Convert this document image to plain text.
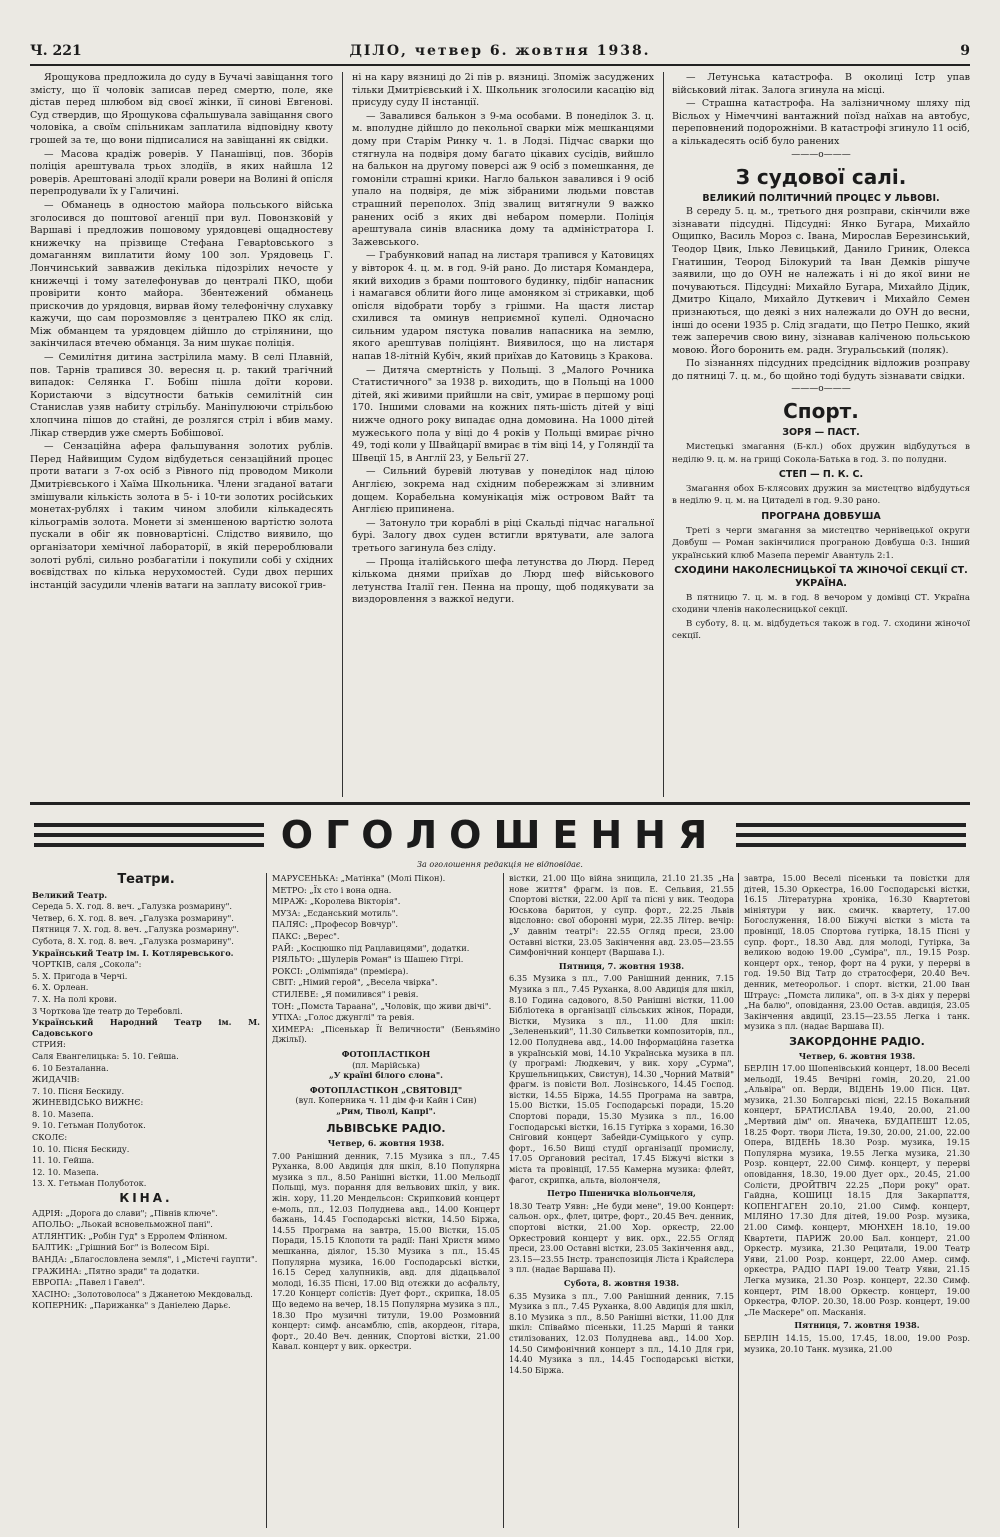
Ч. 221	ДІЛО, четвер 6. жовтня 1938.	9

Ярощукова предложила до суду в Бучачі завіщання того змісту, що її чоловік записав перед смертю, поле, яке дістав перед шлюбом від своєї жінки, її синові Евгенові. Суд ствердив, що Ярощукова сфальшувала завіщання свого чоловіка, а своїм спільникам заплатила відповідну квоту грошей за те, що вони підписалися на завіщанні як свідки.

— Масова крадіж роверів. У Панашівці, пов. Зборів поліція арештувала трьох злодіїв, в яких найшла 12 роверів. Арештовані злодії крали ровери на Волині й опісля перепродували їх у Галичині.

— Обманець в одностою майора польського війська зголосився до поштової агенції при вул. Повонзковій у Варшаві і предложив пошовому урядовцеві ощадностеву книжечку на прізвище Стефана Геварtовського з домаганням виплатити йому 100 зол. Урядовець Г. Лончинський завважив декілька підозрілих нечосте у книжечці і тому зателефонував до централі ПКО, щоби провірити конто майора. Збентежений обманець прискочив до урядовця, вирвав йому телефонічну слухавку кажучи, що сам порозмовляє з централею ПКО як слід. Між обманцем та урядовцем дійшло до стрілянини, що закінчилася втечею обманця. За ним шукає поліція.

— Семилітня дитина застрілила маму. В селі Плавній, пов. Тарнів трапився 30. вересня ц. р. такий трагічний випадок: Селянка Г. Бобіш пішла доїти корови. Користаючи з відсутности батьків семилітній син Станислав узяв набиту стрільбу. Маніпулюючи стрільбою хлопчина пішов до стайні, де розлягся стріл і вбив маму. Лікар ствердив уже смерть Бобішової.

— Сензаційна афера фальшування золотих рублів. Перед Найвищим Судом відбудеться сензаційний процес проти ватаги з 7-ох осіб з Рівного під проводом Миколи Дмитрієвського і Хаїма Школьника. Члени згаданої ватаги змішували кількість золота в 5- і 10-ти золотих російських монетах-рублях і таким чином злобили кількадесять кільограмів золота. Монети зі зменшеною вартістю золота пускали в обіг як повновартісні. Слідство виявило, що організатори хемічної лабораторії, в якій перероблювали золоті рублі, сильно розбагатіли і покупили собі у східних воєвідствах по кілька нерухомостей. Суди двох перших інстанцій засудили членів ватаги на заплату високої грив-

ні на кару вязниці до 2і пів р. вязниці. Зпоміж засуджених тільки Дмитрієвський і Х. Школьник зголосили касацію від присуду суду II інстанції.

— Завалився балькон з 9-ма особами. В понеділок 3. ц. м. вполудне дійшло до пекольної сварки між мешканцями дому при Старім Ринку ч. 1. в Лодзі. Підчас сварки що стягнула на подвіря дому багато цікавих сусідів, вийшло на балькон на другому поверсі аж 9 осіб з помешкання, де гомоніли страшні крики. Нагло балькон завалився і 9 осіб упало на подвіря, де між зібраними людьми повстав страшний переполох. Зпід звалищ витягнули 9 важко ранених осіб з яких дві небаром померли. Поліція арештувала синів власника дому та адміністратора І. Зажевського.

— Грабунковий напад на листаря трапився у Катовицях у вівторок 4. ц. м. в год. 9-ій рано. До листаря Командера, який виходив з брами поштового будинку, підбіг напасник і намагався облити його лице амоняком зі стрикавки, щоб опісля відобрати торбу з грішми. На щастя листар схилився та оминув неприємної купелі. Одночасно сильним ударом пястука повалив напасника на землю, якого арештував поліціянт. Виявилося, що на листаря напав 18-літній Кубіч, який приїхав до Катовиць з Кракова.

— Дитяча смертність у Польщі. З „Малого Рочника Статистичного" за 1938 р. виходить, що в Польщі на 1000 дітей, які живими прийшли на світ, умирає в першому році 170. Іншими словами на кожних пять-шість дітей у віці нижче одного року випадає одна домовина. На 1000 дітей мужеського пола у віці до 4 років у Польщі вмирає річно 49, тоді коли у Швайцарії вмирає в тім віці 14, у Голяндії та Швеції 15, в Англії 23, у Бельгії 27.

— Сильний буревій лютував у понеділок над цілою Англією, зокрема над східним побережжам зі зливним дощем. Корабельна комунікація між островом Вайт та Англією припинена.

— Затонуло три кораблі в ріці Скальді підчас нагальної бурі. Залогу двох суден встигли врятувати, але залога третього загинула без сліду.

— Проща італійського шефа летунства до Люрд. Перед кількома днями приїхав до Люрд шеф військового летунства Італії ген. Пенна на прощу, щоб подякувати за виздоровлення з важкої недуги.

— Летунська катастрофа. В околиці Істр упав військовий літак. Залога згинула на місці.

— Страшна катастрофа. На залізничному шляху під Вісльох у Німеччині вантажний поїзд наїхав на автобус, переповнений подорожніми. В катастрофі згинуло 11 осіб, а кількадесять осіб було ранених

———o———
З судової салі.
ВЕЛИКИЙ ПОЛІТИЧНИЙ ПРОЦЕС У ЛЬВОВІ.

В середу 5. ц. м., третього дня розправи, скінчили вже зізнавати підсудні. Підсудні: Янко Бугара, Михайло Ощипко, Василь Мороз с. Івана, Мирослав Березинський, Теодор Цвик, Ілько Левицький, Данило Гриник, Олекса Гнатишин, Теород Білокурий та Іван Демків рішуче заявили, що до ОУН не належать і ні до якої вини не почуваються. Підсудні: Михайло Бугара, Михайло Дідик, Дмитро Кіцало, Михайло Дуткевич і Михайло Семен признаються, що деякі з них належали до ОУН до весни, інші до осени 1935 р. Слід згадати, що Петро Пешко, який теж заперечив свою вину, зізнавав каліченою польською мовою. Його боронить ем. радн. Згуральський (поляк).

По зізнаннях підсудних предсідник відложив розправу до пятниці 7. ц. м., бо щойно тоді будуть зізнавати свідки.

———o———
Спорт.
ЗОРЯ — ПАСТ.

Мистецькі змагання (Б-кл.) обох дружин відбудуться в неділю 9. ц. м. на грищі Сокола-Батька в год. 3. по полудни.

СТЕП — П. К. С.

Змагання обох Б-клясових дружин за мистецтво відбудуться в неділю 9. ц. м. на Цитаделі в год. 9.30 рано.

ПРОГРАНА ДОВБУША

Треті з черги змагання за мистецтво чернівецької округи Довбуш — Роман закінчилися програною Довбуша 0:3. Інший український клюб Мазепа переміг Авантуль 2:1.

СХОДИНИ НАКОЛЕСНИЦЬКОЇ ТА ЖІНОЧОЇ СЕКЦІЇ СТ. УКРАЇНА.

В пятницю 7. ц. м. в год. 8 вечором у домівці СТ. Україна сходини членів наколесницької секції.

В суботу, 8. ц. м. відбудеться також в год. 7. сходини жіночої секції.

ОГОЛОШЕННЯ
За оголошення редакція не відповідає.
Театри.

Великий Театр.

Середа 5. X. год. 8. веч. „Галузка розмарину".

Четвер, 6. X. год. 8. веч. „Галузка розмарину".

Пятниця 7. X. год. 8. веч. „Галузка розмарину".

Субота, 8. X. год. 8. веч. „Галузка розмарину".

Український Театр ім. І. Котляревського.

ЧОРТКІВ, саля „Сокола":

5. X. Пригода в Черчі.

6. X. Орлеан.

7. X. На полі крови.

3 Чорткова їде театр до Теребовлі.

Український Народний Театр ім. М. Садовського

СТРИЯ:

Саля Евангелицька: 5. 10. Гейша.

6. 10 Безталанна.

ЖИДАЧІВ:

7. 10. Пісня Бескиду.

ЖИНЕВІДСЬКО ВИЖНЄ:

8. 10. Мазепа.

9. 10. Гетьман Полуботок.

СКОЛЄ:

10. 10. Пісня Бескиду.

11. 10. Гейша.

12. 10. Мазепа.

13. X. Гетьман Полуботок.

КІНА.

АДРІЯ: „Дорога до слави"; „Півнів ключе".

АПОЛЬО: „Льокай всновельможної пані".

АТЛЯНТИК: „Робін Гуд" з Ерролем Флінном.

БАЛТИК: „Грішний Бог" із Волесом Бірі.

ВАНДА: „Благословлена земля", і „Містечі гаупти".

ГРАЖИНА: „Пятно зради" та додатки.

ЕВРОПА: „Павел і Гавел".

ХАСІНО: „Золотоволоса" з Джанетою Мекдовальд.

КОПЕРНИК: „Парижанка" з Даніелею Дарьє.

МАРУСЕНЬКА: „Матінка" (Молі Пікон).

МЕТРО: „Їх сто і вона одна.

МІРАЖ: „Королева Вікторія".

МУЗА: „Есданський мотиль".

ПАЛЯС: „Професор Вовчур".

ПАКС: „Верес".

РАЙ: „Косцюшко під Рацлавицями", додатки.

РІЯЛЬТО: „Шулерів Роман" із Шашею Гітрі.

РОКСІ: „Олімпіяда" (премієра).

СВІТ: „Німий герой", „Весела чвірка".

СТИЛЕВЕ: „Я помилився" і ревія.

ТОН: „Помста Тараана", „Чоловік, що живи двічі".

УТІХА: „Голос джунглі" та ревія.

ХИМЕРА: „Пісенькар Її Величности" (Беньяміно Джільї).

ФОТОПЛАСТІКОН
(пл. Марійська)
„У країні білого слона".
ФОТОПЛАСТІКОН „СВЯТОВІД"
(вул. Коперника ч. 11 дім ф-и Кайн і Син)
„Рим, Тіволі, Капрі".
ЛЬВІВСЬКЕ РАДІО.
Четвер, 6. жовтня 1938.

7.00 Ранішний денник, 7.15 Музика з пл., 7.45 Руханка, 8.00 Авдиція для шкіл, 8.10 Популярна музика з пл., 8.50 Ранішні вістки, 11.00 Мельодії Польщі, муз. порання для вельвових шкіл, у вик. жін. хору, 11.20 Мендельсон: Скрипковий концерт е-моль, пл., 12.03 Полуднева авд., 14.00 Концерт бажань, 14.45 Господарські вістки, 14.50 Біржа, 14.55 Програма на завтра, 15.00 Вістки, 15.05 Поради, 15.15 Клопоти та радії: Пані Христя мимо мешканна, діялог, 15.30 Музика з пл., 15.45 Популярна музика, 16.00 Господарські вістки, 16.15 Серед халупників, авд. для дідацьвалої молоді, 16.35 Пісні, 17.00 Від отєжки до асфальту, 17.20 Концерт солістів: Дует форт., скрипка, 18.05 Що ведемо на вечер, 18.15 Популярна музика з пл., 18.30 Про музичні титули, 19.00 Розмовний концерт: симф. ансамблю, спів, акордеон, гітара, форт., 20.40 Веч. денник, Спортові вістки, 21.00 Кавал. концерт у вик. оркестри.

вістки, 21.00 Що війна знищила, 21.10 21.35 „На нове життя" фрагм. із пов. Е. Сельвия, 21.55 Спортові вістки, 22.00 Арії та пісні у вик. Теодора Юськова баритон, у супр. форт., 22.25 Львів відсловно: свої оборонні мури, 22.35 Літер. вечір: „У давнім театрі": 22.55 Огляд преси, 23.00 Оставні вістки, 23.05 Закінчення авд. 23.05—23.55 Симфонічний концерт (Варшава І.).

Пятниця, 7. жовтня 1938.

6.35 Музика з пл., 7.00 Ранішний денник, 7.15 Музика з пл., 7.45 Руханка, 8.00 Авдиція для шкіл, 8.10 Година садового, 8.50 Ранішні вістки, 11.00 Бібліотека в організації сільських жінок, Поради, Вістки, Музика з пл., 11.00 Для шкіл: „Зелененький", 11.30 Сильветки композиторів, пл., 12.00 Полуднева авд., 14.00 Інформаційна газетка в українській мові, 14.10 Українська музика в пл. (у програмі: Людкевич, у вик. хору „Сурма", Крушельницьких, Свистун), 14.30 „Чорний Матвій" фрагм. із повісти Вол. Лозінського, 14.45 Господ. вістки, 14.55 Біржа, 14.55 Програма на завтра, 15.00 Вістки, 15.05 Господарські поради, 15.20 Спортові поради, 15.30 Музика з пл., 16.00 Господарські вістки, 16.15 Гутірка з хорами, 16.30 Сніговий концерт Забейди-Суміцького у супр. форт., 16.50 Вищі студії організації промислу, 17.05 Органовий ресітал, 17.45 Біжучі вістки з міста та провінції, 17.55 Камерна музика: флейт, фагот, скрипка, альта, віолончеля,

Петро Пшеничка віольончеля,

18.30 Театр Уявн: „Не буди мене", 19.00 Концерт: сальон. орх., флет, цитре, форт., 20.45 Веч. денник, спортові вістки, 21.00 Хор. оркестр, 22.00 Оркестровий концерт у вик. орх., 22.55 Огляд преси, 23.00 Оставні вістки, 23.05 Закінчення авд., 23.15—23.55 Інстр. транспозиція Ліста і Крайслера з пл. (надає Варшава ІІ).

Субота, 8. жовтня 1938.

6.35 Музика з пл., 7.00 Ранішний денник, 7.15 Музика з пл., 7.45 Руханка, 8.00 Авдиція для шкіл, 8.10 Музика з пл., 8.50 Ранішні вістки, 11.00 Для шкіл: Співаймо пісеньки, 11.25 Марші й танки стилізованих, 12.03 Полуднева авд., 14.00 Хор. 14.50 Симфонічний концерт з пл., 14.10 Для гри, 14.40 Музика з пл., 14.45 Господарські вістки, 14.50 Біржа.

завтра, 15.00 Веселі пісеньки та повістки для дітей, 15.30 Оркестра, 16.00 Господарські вістки, 16.15 Літературна хроніка, 16.30 Квартетові мініятури у вик. смичк. квартету, 17.00 Богослуження, 18.00 Біжучі вістки з міста та провінції, 18.05 Спортова гутірка, 18.15 Пісні у супр. форт., 18.30 Авд. для молоді, Гутірка, За великою водою 19.00 „Суміра", пл., 19.15 Розр. концерт орх., тенор, форт на 4 руки, у перерві в год. 19.50 Від Татр до стратосфери, 20.40 Веч. денник, метеорольог. і спорт. вістки, 21.00 Іван Штраус: „Помста лилика", оп. в 3-х діях у перерві „На балю", оповідання, 23.00 Остав. авдиція, 23.05 Закінчення авдиції, 23.15—23.55 Легка і танк. музика з пл. (надає Варшава ІІ).

ЗАКОРДОННЕ РАДІО.
Четвер, 6. жовтня 1938.

БЕРЛІН 17.00 Шопенівський концерт, 18.00 Веселі мельодії, 19.45 Вечірні гомін, 20.20, 21.00 „Альвіра" оп. Верди, ВІДЕНЬ 19.00 Пісн. Цвт. музика, 21.30 Болгарські пісні, 22.15 Вокальний концерт, БРАТИСЛАВА 19.40, 20.00, 21.00 „Мертвий дім" оп. Яначека, БУДАПЕШТ 12.05, 18.25 Форт. твори Ліста, 19.30, 20.00, 21.00, 22.00 Опера, ВІДЕНЬ 18.30 Розр. музика, 19.15 Популярна музика, 19.55 Легка музика, 21.30 Розр. концерт, 22.00 Симф. концерт, у перерві оповідання, 18.30, 19.00 Дуєт орх., 20.45, 21.00 Солісти, ДРОЙТВІЧ 22.25 „Пори року" орат. Гайдна, КОШИЦІ 18.15 Для Закарпаття, КОПЕНГАГЕН 20.10, 21.00 Симф. концерт, МІЛЯНО 17.30 Для дітей, 19.00 Розр. музика, 21.00 Симф. концерт, МЮНХЕН 18.10, 19.00 Квартети, ПАРИЖ 20.00 Бал. концерт, 21.00 Оркестр. музика, 21.30 Рецитали, 19.00 Театр Уяви, 21.00 Розр. концерт, 22.00 Амер. симф. оркестра, РАДІО ПАРІ 19.00 Театр Уяви, 21.15 Легка музика, 21.30 Розр. концерт, 22.30 Симф. концерт, РІМ 18.00 Оркестр. концерт, 19.00 Оркестра, ФЛОР. 20.30, 18.00 Розр. концерт, 19.00 „Ле Маскере" оп. Масканія.

Пятниця, 7. жовтня 1938.

БЕРЛІН 14.15, 15.00, 17.45, 18.00, 19.00 Розр. музика, 20.10 Танк. музика, 21.00
